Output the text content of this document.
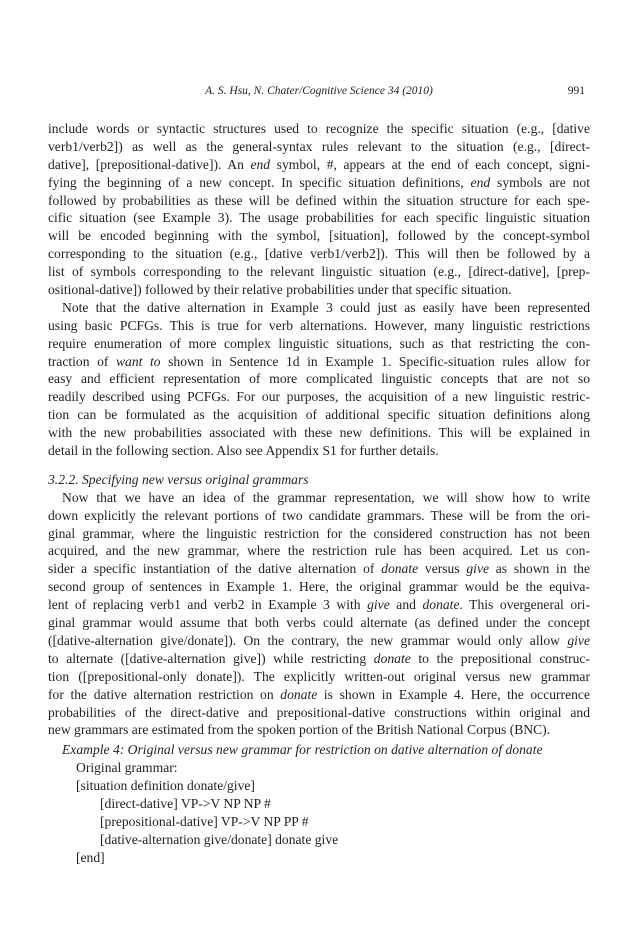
A. S. Hsu, N. Chater/Cognitive Science 34 (2010)	991
include words or syntactic structures used to recognize the specific situation (e.g., [dative
verb1/verb2]) as well as the general-syntax rules relevant to the situation (e.g., [direct-
dative], [prepositional-dative]). An end symbol, #, appears at the end of each concept, signi-
fying the beginning of a new concept. In specific situation definitions, end symbols are not
followed by probabilities as these will be defined within the situation structure for each spe-
cific situation (see Example 3). The usage probabilities for each specific linguistic situation
will be encoded beginning with the symbol, [situation], followed by the concept-symbol
corresponding to the situation (e.g., [dative verb1/verb2]). This will then be followed by a
list of symbols corresponding to the relevant linguistic situation (e.g., [direct-dative], [prep-
ositional-dative]) followed by their relative probabilities under that specific situation.
Note that the dative alternation in Example 3 could just as easily have been represented
using basic PCFGs. This is true for verb alternations. However, many linguistic restrictions
require enumeration of more complex linguistic situations, such as that restricting the con-
traction of want to shown in Sentence 1d in Example 1. Specific-situation rules allow for
easy and efficient representation of more complicated linguistic concepts that are not so
readily described using PCFGs. For our purposes, the acquisition of a new linguistic restric-
tion can be formulated as the acquisition of additional specific situation definitions along
with the new probabilities associated with these new definitions. This will be explained in
detail in the following section. Also see Appendix S1 for further details.
3.2.2. Specifying new versus original grammars
Now that we have an idea of the grammar representation, we will show how to write
down explicitly the relevant portions of two candidate grammars. These will be from the ori-
ginal grammar, where the linguistic restriction for the considered construction has not been
acquired, and the new grammar, where the restriction rule has been acquired. Let us con-
sider a specific instantiation of the dative alternation of donate versus give as shown in the
second group of sentences in Example 1. Here, the original grammar would be the equiva-
lent of replacing verb1 and verb2 in Example 3 with give and donate. This overgeneral ori-
ginal grammar would assume that both verbs could alternate (as defined under the concept
([dative-alternation give/donate]). On the contrary, the new grammar would only allow give
to alternate ([dative-alternation give]) while restricting donate to the prepositional construc-
tion ([prepositional-only donate]). The explicitly written-out original versus new grammar
for the dative alternation restriction on donate is shown in Example 4. Here, the occurrence
probabilities of the direct-dative and prepositional-dative constructions within original and
new grammars are estimated from the spoken portion of the British National Corpus (BNC).
Example 4: Original versus new grammar for restriction on dative alternation of donate
Original grammar:
[situation definition donate/give]
[direct-dative] VP->V NP NP #
[prepositional-dative] VP->V NP PP #
[dative-alternation give/donate] donate give
[end]
